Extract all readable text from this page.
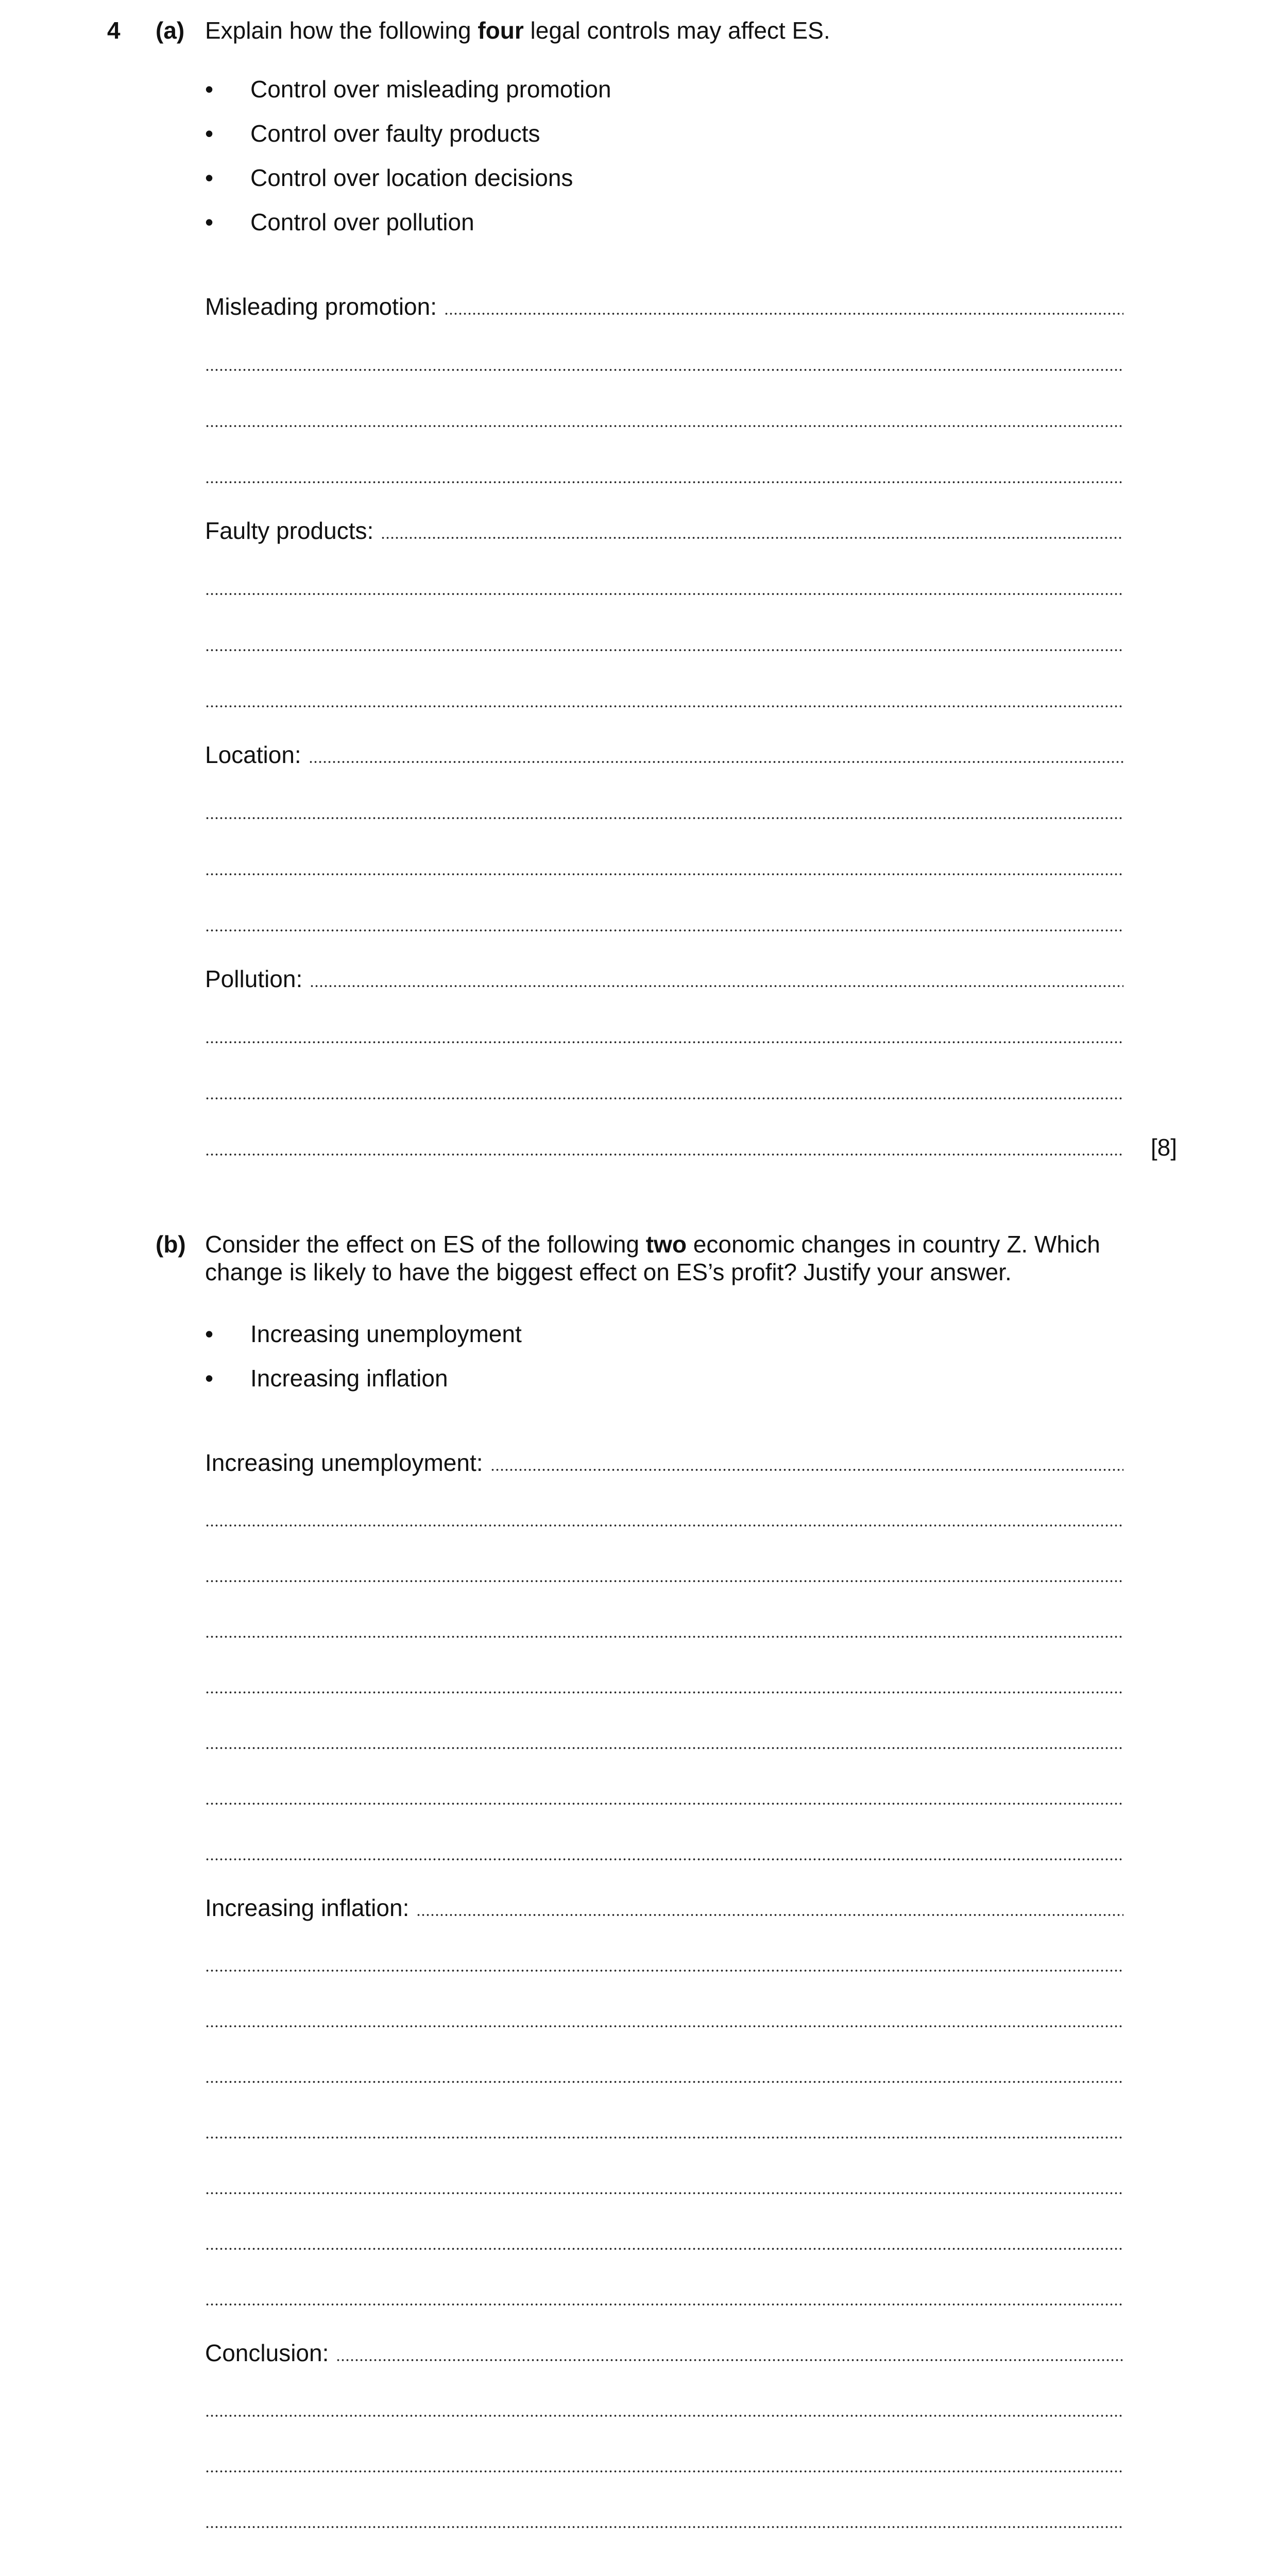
4 (a) Explain how the following four legal controls may affect ES.
• Control over misleading promotion
• Control over faulty products
• Control over location decisions
• Control over pollution
Misleading promotion:
Faulty products:
Location:
Pollution:
[8]
(b) Consider the effect on ES of the following two economic changes in country Z. Which change is likely to have the biggest effect on ES’s profit? Justify your answer.
• Increasing unemployment
• Increasing inflation
Increasing unemployment:
Increasing inflation:
Conclusion:
